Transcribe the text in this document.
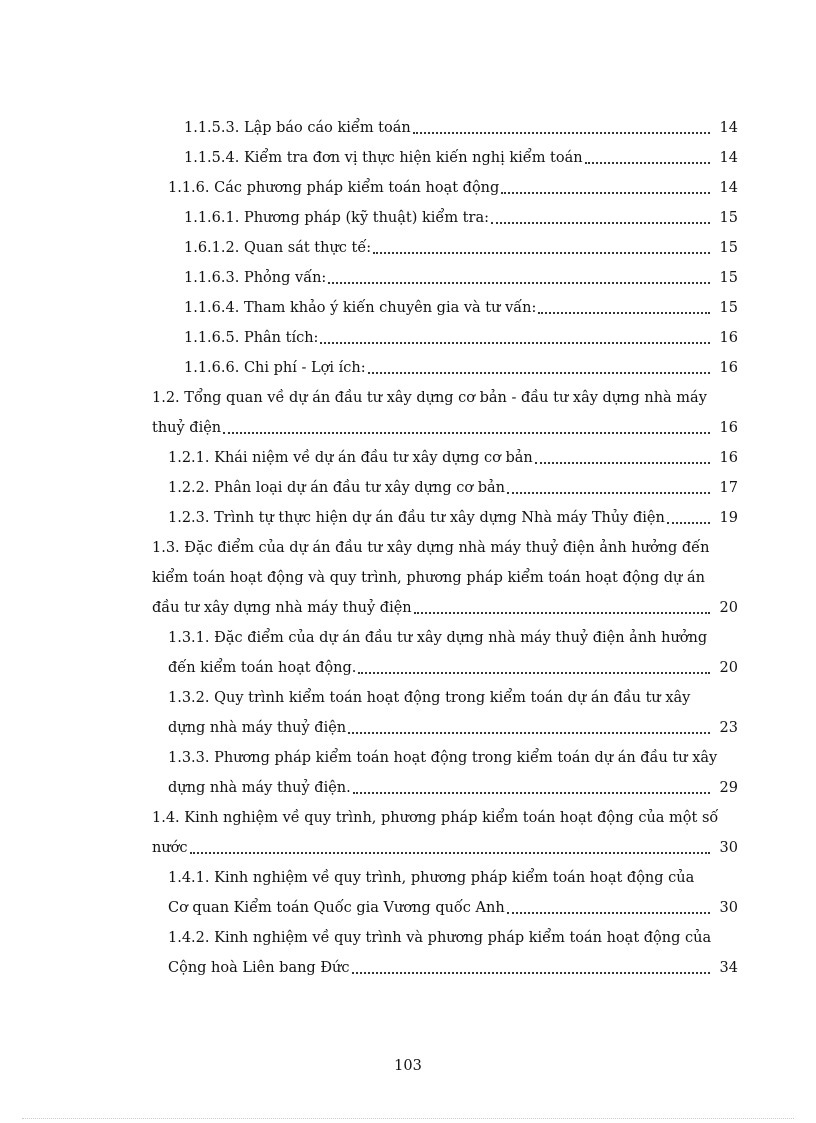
1.1.5.3. Lập báo cáo kiểm toán	14
1.1.5.4. Kiểm tra đơn vị thực hiện kiến nghị kiểm toán	14
1.1.6. Các phương pháp kiểm toán hoạt động	14
1.1.6.1. Phương pháp (kỹ thuật) kiểm tra:	15
1.6.1.2. Quan sát thực tế:	15
1.1.6.3. Phỏng vấn:	15
1.1.6.4. Tham khảo ý kiến chuyên gia và tư vấn:	15
1.1.6.5. Phân tích:	16
1.1.6.6. Chi phí - Lợi ích:	16
1.2. Tổng quan về dự án đầu tư xây dựng cơ bản - đầu tư xây dựng nhà máy
thuỷ điện	16
1.2.1. Khái niệm về dự án đầu tư xây dựng cơ bản	16
1.2.2. Phân loại dự án đầu tư xây dựng cơ bản	17
1.2.3. Trình tự thực hiện dự án đầu tư xây dựng Nhà máy Thủy điện	19
1.3. Đặc điểm của dự án đầu tư xây dựng nhà máy thuỷ điện ảnh hưởng đến
kiểm toán hoạt động và quy trình, phương pháp kiểm toán hoạt động dự án
đầu tư xây dựng nhà máy thuỷ điện	20
1.3.1. Đặc điểm của dự án đầu tư xây dựng nhà máy thuỷ điện ảnh hưởng
đến kiểm toán hoạt động.	20
1.3.2. Quy trình kiểm toán hoạt động trong kiểm toán dự án đầu tư xây
dựng nhà máy thuỷ điện	23
1.3.3. Phương pháp kiểm toán hoạt động trong kiểm toán dự án đầu tư xây
dựng nhà máy thuỷ điện.	29
1.4. Kinh nghiệm về quy trình, phương pháp kiểm toán hoạt động của một số
nước	30
1.4.1. Kinh nghiệm về quy trình, phương pháp kiểm toán hoạt động của
Cơ quan Kiểm toán Quốc gia Vương quốc Anh	30
1.4.2. Kinh nghiệm về quy trình và phương pháp kiểm toán hoạt động của
Cộng hoà Liên bang Đức	34
103
